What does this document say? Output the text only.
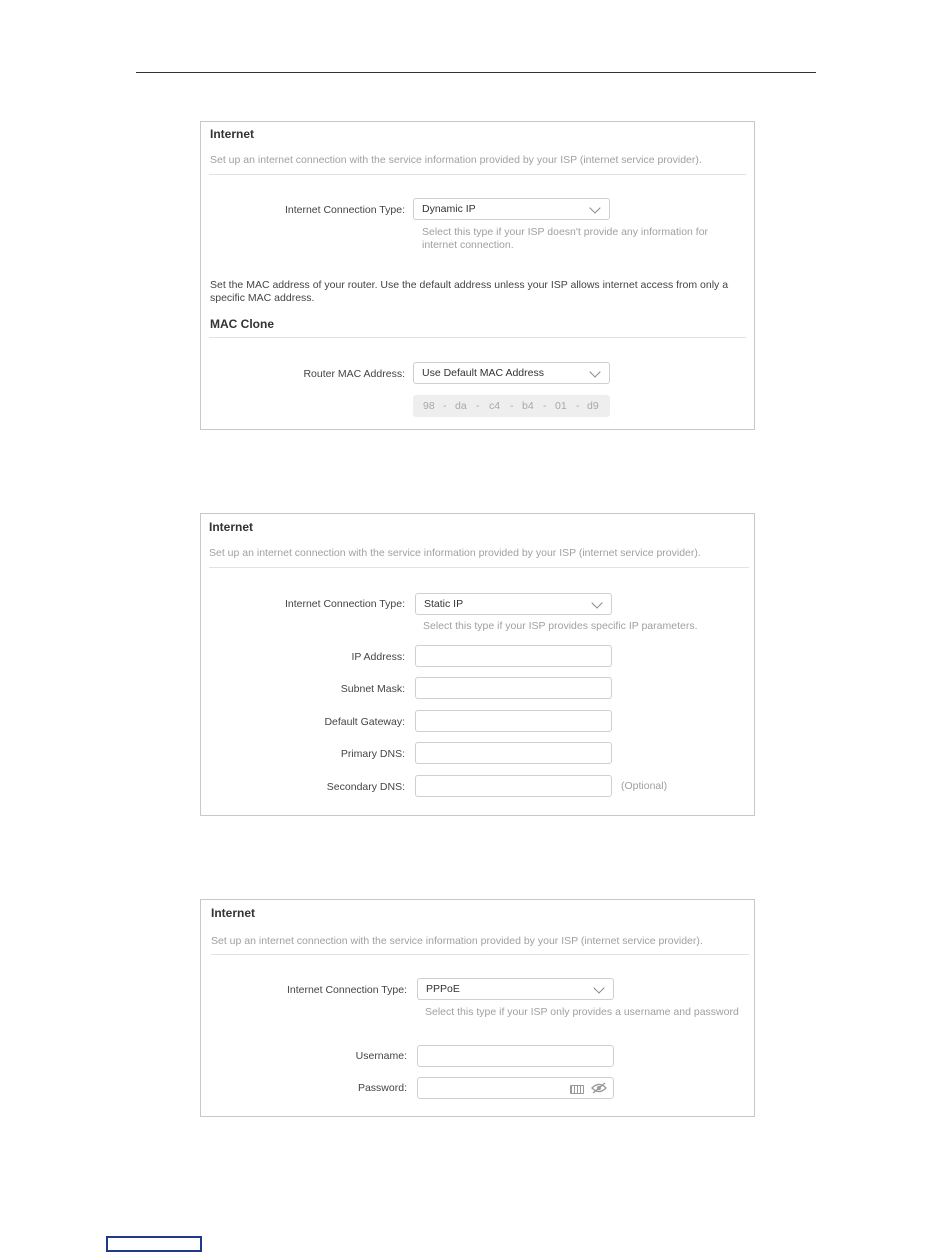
Internet
Set up an internet connection with the service information provided by your ISP (internet service provider).
Internet Connection Type: Dynamic IP
Select this type if your ISP doesn't provide any information for internet connection.
Set the MAC address of your router. Use the default address unless your ISP allows internet access from only a specific MAC address.
MAC Clone
Router MAC Address: Use Default MAC Address
98 - da - c4 - b4 - 01 - d9
Internet
Set up an internet connection with the service information provided by your ISP (internet service provider).
Internet Connection Type: Static IP
Select this type if your ISP provides specific IP parameters.
IP Address:
Subnet Mask:
Default Gateway:
Primary DNS:
Secondary DNS:	(Optional)
Internet
Set up an internet connection with the service information provided by your ISP (internet service provider).
Internet Connection Type: PPPoE
Select this type if your ISP only provides a username and password
Username:
Password:
